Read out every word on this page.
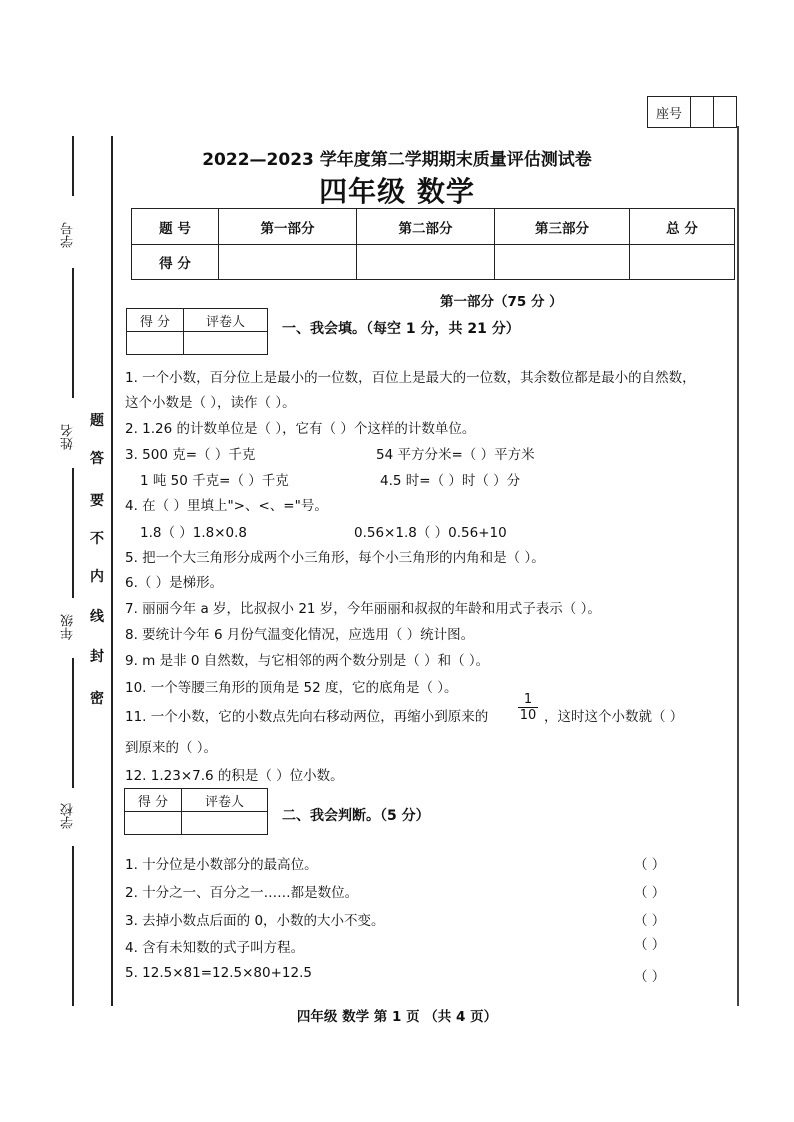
座号
学号
姓名
年级
学校
题
答
要
不
内
线
封
密
2022—2023 学年度第二学期期末质量评估测试卷
四年级 数学
题 号	第一部分	第二部分	第三部分	总 分
得 分				
第一部分（75 分 ）
得 分	评卷人
		一、我会填。（每空 1 分，共 21 分）
1. 一个小数，百分位上是最小的一位数，百位上是最大的一位数，其余数位都是最小的自然数，
这个小数是（ ），读作（ ）。
2. 1.26 的计数单位是（ ），它有（ ）个这样的计数单位。
3. 500 克=（ ）千克	54 平方分米=（ ）平方米
1 吨 50 千克=（ ）千克	4.5 时=（ ）时（ ）分
4. 在（ ）里填上">、<、="号。
1.8（ ）1.8×0.8	0.56×1.8（ ）0.56+10
5. 把一个大三角形分成两个小三角形，每个小三角形的内角和是（ ）。
6.（ ）是梯形。
7. 丽丽今年 a 岁，比叔叔小 21 岁，今年丽丽和叔叔的年龄和用式子表示（ ）。
8. 要统计今年 6 月份气温变化情况，应选用（ ）统计图。
9. m 是非 0 自然数，与它相邻的两个数分别是（ ）和（ ）。
10. 一个等腰三角形的顶角是 52 度，它的底角是（ ）。
11. 一个小数，它的小数点先向右移动两位，再缩小到原来的 $\frac{1}{10}$ ，这时这个小数就（ ）
到原来的（ ）。
12. 1.23×7.6 的积是（ ）位小数。
得 分	评卷人

二、我会判断。（5 分）
1. 十分位是小数部分的最高位。	（ ）
2. 十分之一、百分之一……都是数位。	（ ）
3. 去掉小数点后面的 0，小数的大小不变。	（ ）
4. 含有未知数的式子叫方程。	（ ）
5. 12.5×81=12.5×80+12.5	（ ）
四年级 数学 第 1 页 （共 4 页）
